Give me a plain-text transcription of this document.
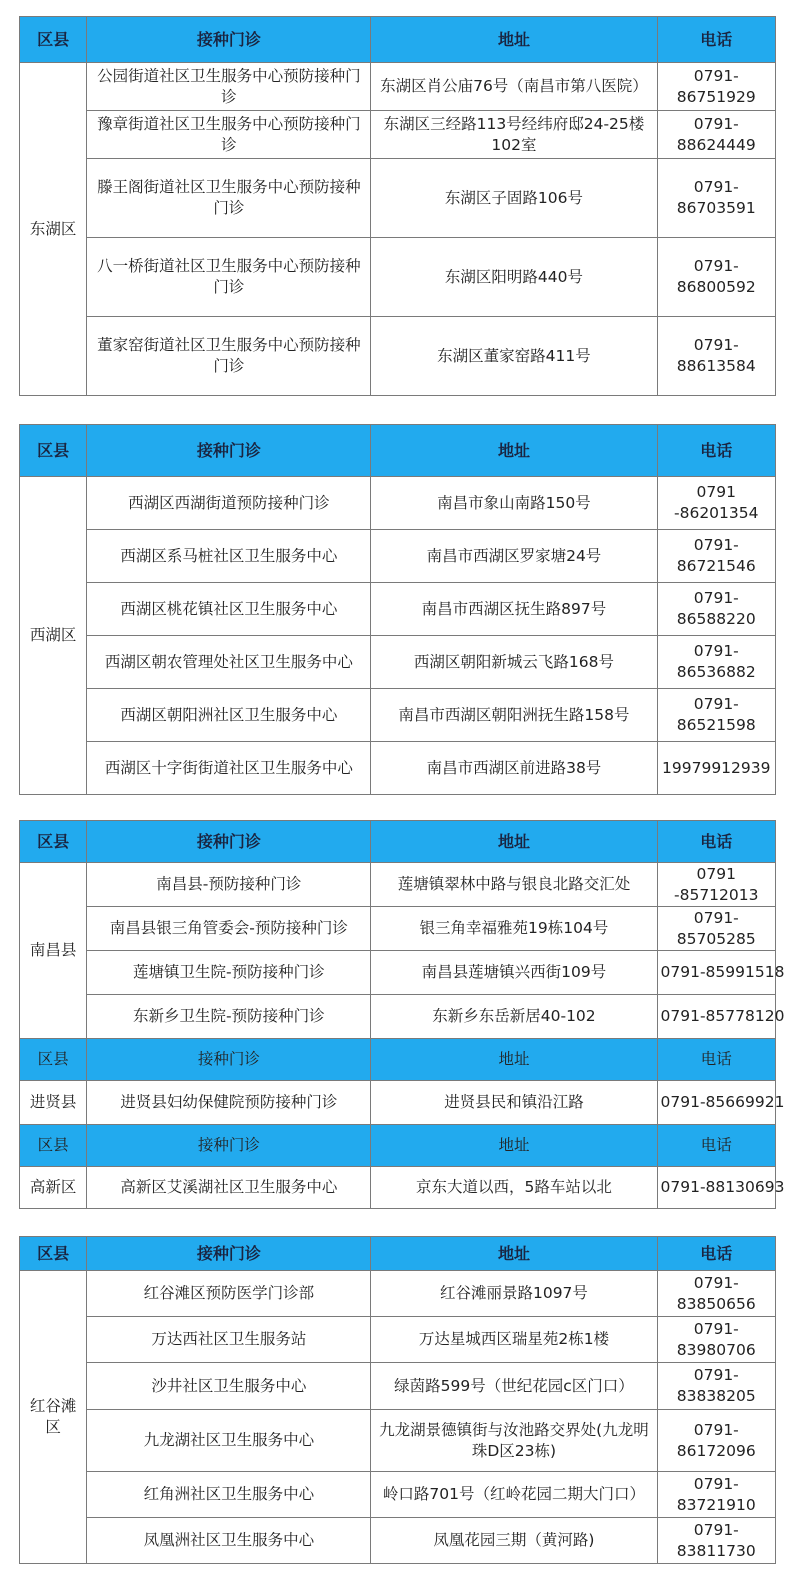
区县	接种门诊	地址	电话
东湖区	公园街道社区卫生服务中心预防接种门诊	东湖区肖公庙76号（南昌市第八医院）	0791-86751929
	豫章街道社区卫生服务中心预防接种门诊	东湖区三经路113号经纬府邸24-25楼102室	0791-88624449
	滕王阁街道社区卫生服务中心预防接种门诊	东湖区子固路106号	0791-86703591
	八一桥街道社区卫生服务中心预防接种门诊	东湖区阳明路440号	0791-86800592
	董家窑街道社区卫生服务中心预防接种门诊	东湖区董家窑路411号	0791-88613584
区县	接种门诊	地址	电话
西湖区	西湖区西湖街道预防接种门诊	南昌市象山南路150号	0791 -86201354
	西湖区系马桩社区卫生服务中心	南昌市西湖区罗家塘24号	0791-86721546
	西湖区桃花镇社区卫生服务中心	南昌市西湖区抚生路897号	0791-86588220
	西湖区朝农管理处社区卫生服务中心	西湖区朝阳新城云飞路168号	0791-86536882
	西湖区朝阳洲社区卫生服务中心	南昌市西湖区朝阳洲抚生路158号	0791-86521598
	西湖区十字街街道社区卫生服务中心	南昌市西湖区前进路38号	19979912939
区县	接种门诊	地址	电话
南昌县	南昌县-预防接种门诊	莲塘镇翠林中路与银良北路交汇处	0791 -85712013
	南昌县银三角管委会-预防接种门诊	银三角幸福雅苑19栋104号	0791-85705285
	莲塘镇卫生院-预防接种门诊	南昌县莲塘镇兴西街109号	0791-85991518
	东新乡卫生院-预防接种门诊	东新乡东岳新居40-102	0791-85778120
区县	接种门诊	地址	电话
进贤县	进贤县妇幼保健院预防接种门诊	进贤县民和镇沿江路	0791-85669921
区县	接种门诊	地址	电话
高新区	高新区艾溪湖社区卫生服务中心	京东大道以西，5路车站以北	0791-88130693
区县	接种门诊	地址	电话
红谷滩区	红谷滩区预防医学门诊部	红谷滩丽景路1097号	0791-83850656
	万达西社区卫生服务站	万达星城西区瑞星苑2栋1楼	0791-83980706
	沙井社区卫生服务中心	绿茵路599号（世纪花园c区门口）	0791-83838205
	九龙湖社区卫生服务中心	九龙湖景德镇街与汝池路交界处(九龙明珠D区23栋)	0791-86172096
	红角洲社区卫生服务中心	岭口路701号（红岭花园二期大门口）	0791-83721910
	凤凰洲社区卫生服务中心	凤凰花园三期（黄河路)	0791-83811730
